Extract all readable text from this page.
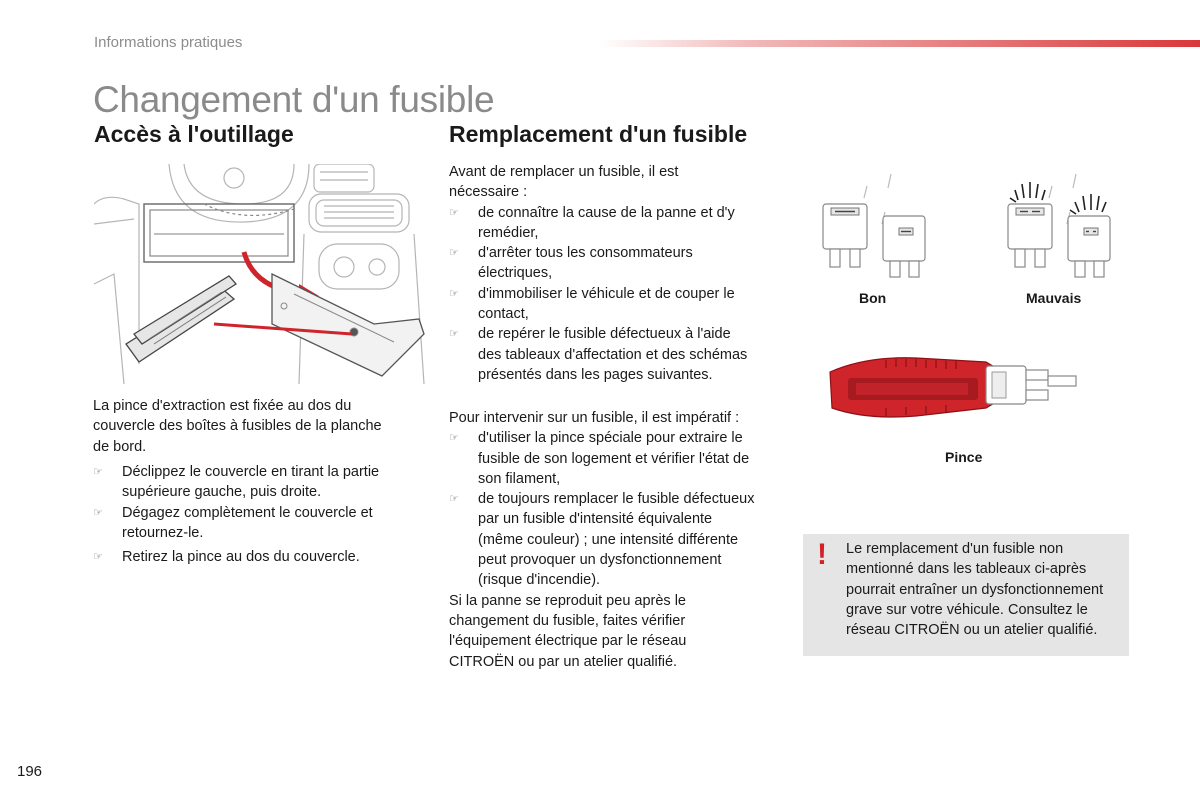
Informations pratiques
Changement d'un fusible
Accès à l'outillage

La pince d'extraction est fixée au dos du

couvercle des boîtes à fusibles de la planche

de bord.

☞ Déclippez le couvercle en tirant la partie
supérieure gauche, puis droite.
☞ Dégagez complètement le couvercle et
retournez-le.
☞ Retirez la pince au dos du couvercle.
Remplacement d'un fusible

Avant de remplacer un fusible, il est

nécessaire :

☞ de connaître la cause de la panne et d'y
remédier,
☞ d'arrêter tous les consommateurs
électriques,
☞ d'immobiliser le véhicule et de couper le
contact,
☞ de repérer le fusible défectueux à l'aide
des tableaux d'affectation et des schémas
présentés dans les pages suivantes.

Pour intervenir sur un fusible, il est impératif :

☞ d'utiliser la pince spéciale pour extraire le
fusible de son logement et vérifier l'état de
son filament,
☞ de toujours remplacer le fusible défectueux
par un fusible d'intensité équivalente
(même couleur) ; une intensité différente
peut provoquer un dysfonctionnement
(risque d'incendie).

Si la panne se reproduit peu après le

changement du fusible, faites vérifier

l'équipement électrique par le réseau

CITROËN ou par un atelier qualifié.

Bon	Mauvais
Pince
! Le remplacement d'un fusible non
mentionné dans les tableaux ci-après
pourrait entraîner un dysfonctionnement
grave sur votre véhicule. Consultez le
réseau CITROËN ou un atelier qualifié.
196
